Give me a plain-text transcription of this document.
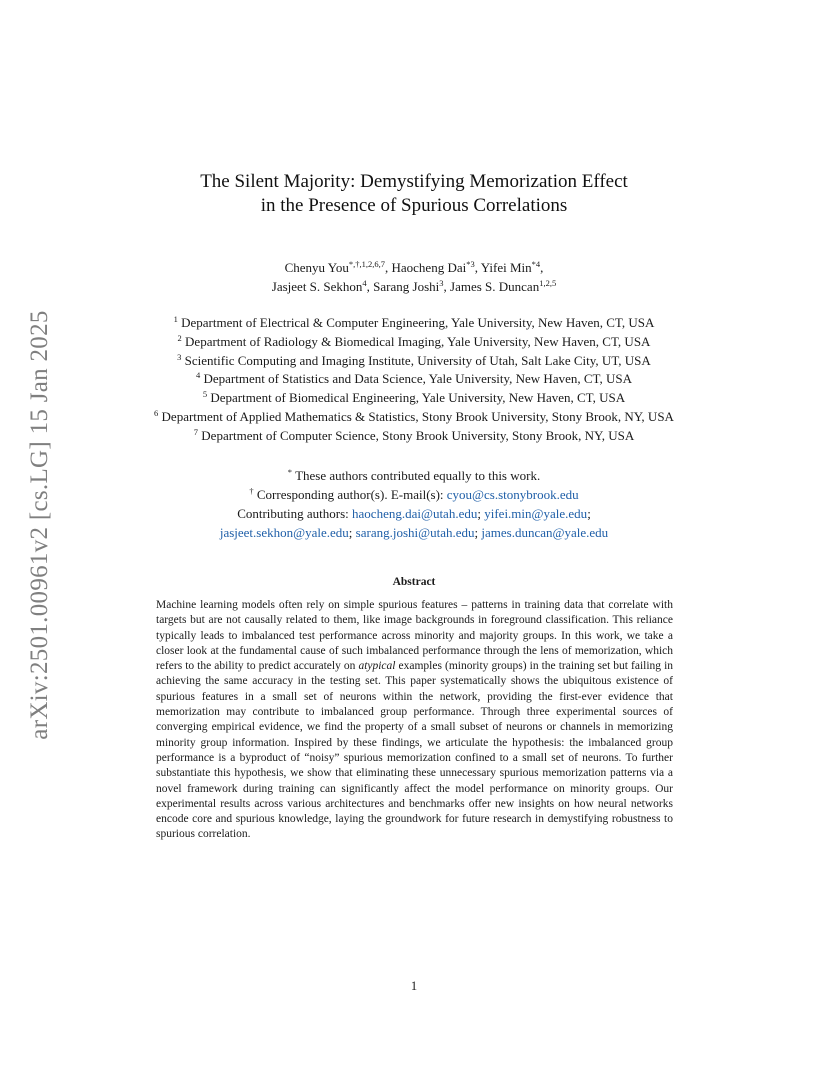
arXiv:2501.00961v2 [cs.LG] 15 Jan 2025
The Silent Majority: Demystifying Memorization Effect
in the Presence of Spurious Correlations
Chenyu You$^{*,\dagger,1,2,6,7}$, Haocheng Dai$^{*3}$, Yifei Min$^{*4}$,
Jasjeet S. Sekhon$^4$, Sarang Joshi$^3$, James S. Duncan$^{1,2,5}$
$^1$ Department of Electrical & Computer Engineering, Yale University, New Haven, CT, USA
$^2$ Department of Radiology & Biomedical Imaging, Yale University, New Haven, CT, USA
$^3$ Scientific Computing and Imaging Institute, University of Utah, Salt Lake City, UT, USA
$^4$ Department of Statistics and Data Science, Yale University, New Haven, CT, USA
$^5$ Department of Biomedical Engineering, Yale University, New Haven, CT, USA
$^6$ Department of Applied Mathematics & Statistics, Stony Brook University, Stony Brook, NY, USA
$^7$ Department of Computer Science, Stony Brook University, Stony Brook, NY, USA
* These authors contributed equally to this work.
† Corresponding author(s). E-mail(s): cyou@cs.stonybrook.edu
Contributing authors: haocheng.dai@utah.edu; yifei.min@yale.edu;
jasjeet.sekhon@yale.edu; sarang.joshi@utah.edu; james.duncan@yale.edu
Abstract
Machine learning models often rely on simple spurious features – patterns in training data that correlate with targets but are not causally related to them, like image backgrounds in foreground classification. This reliance typically leads to imbalanced test performance across minority and majority groups. In this work, we take a closer look at the fundamental cause of such imbalanced performance through the lens of memorization, which refers to the ability to predict accurately on atypical examples (minority groups) in the training set but failing in achieving the same accuracy in the testing set. This paper systematically shows the ubiquitous existence of spurious features in a small set of neurons within the network, providing the first-ever evidence that memorization may contribute to imbalanced group performance. Through three experimental sources of converging empirical evidence, we find the property of a small subset of neurons or channels in memorizing minority group information. Inspired by these findings, we articulate the hypothesis: the imbalanced group performance is a byproduct of “noisy” spurious memorization confined to a small set of neurons. To further substantiate this hypothesis, we show that eliminating these unnecessary spurious memorization patterns via a novel framework during training can significantly affect the model performance on minority groups. Our experimental results across various architectures and benchmarks offer new insights on how neural networks encode core and spurious knowledge, laying the groundwork for future research in demystifying robustness to spurious correlation.
1
